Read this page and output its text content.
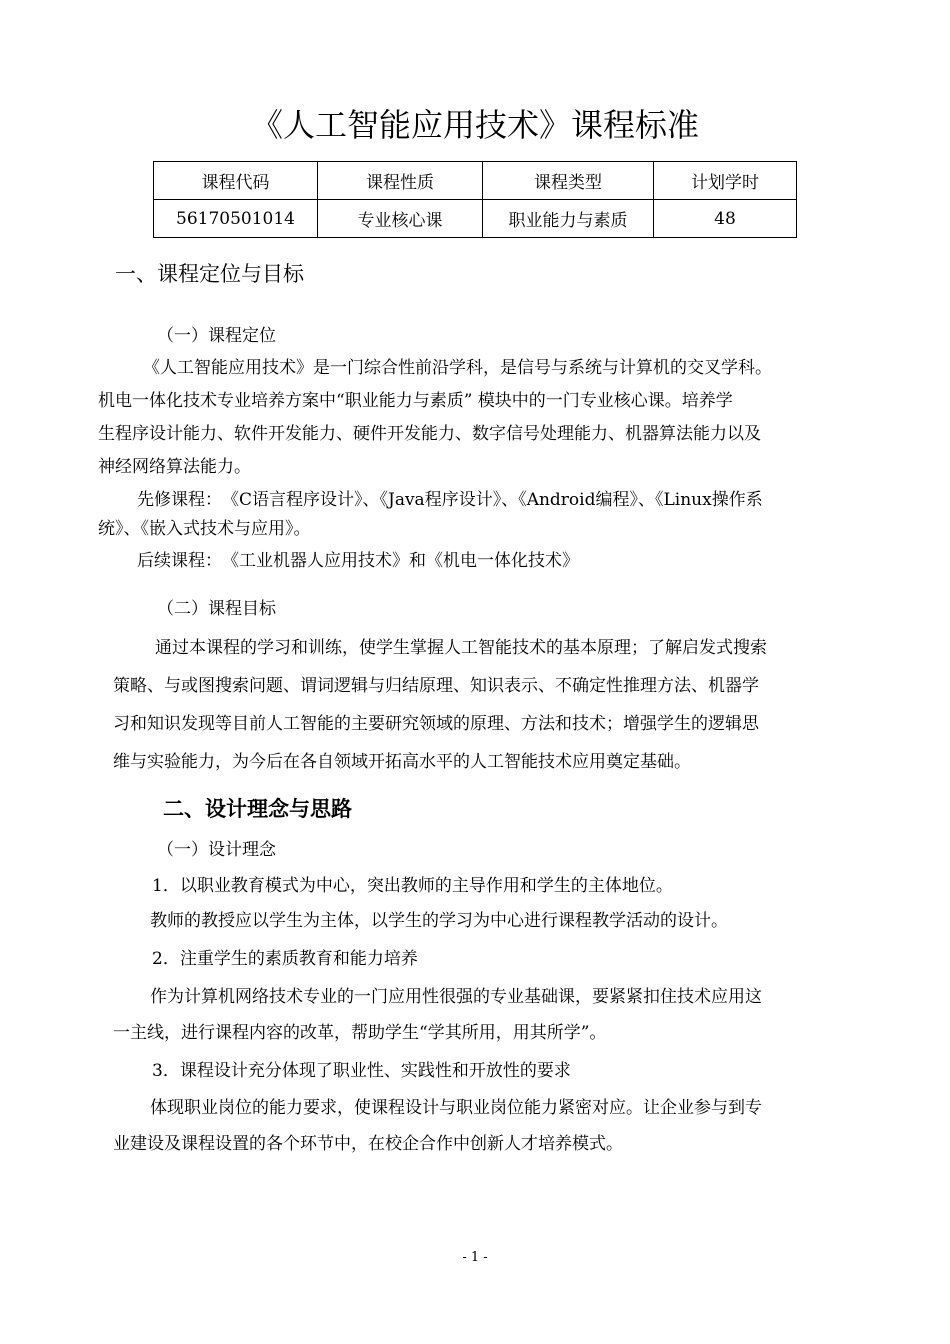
《人工智能应用技术》课程标准
课程代码	课程性质	课程类型	计划学时
56170501014	专业核心课	职业能力与素质	48
一、课程定位与目标
（一）课程定位
《人工智能应用技术》是一门综合性前沿学科，是信号与系统与计算机的交叉学科。
机电一体化技术专业培养方案中“职业能力与素质” 模块中的一门专业核心课。培养学
生程序设计能力、软件开发能力、硬件开发能力、数字信号处理能力、机器算法能力以及
神经网络算法能力。
先修课程：　《C语言程序设计》、《Java程序设计》、《Android编程》、《Linux操作系
统》、《嵌入式技术与应用》。
后续课程：　《工业机器人应用技术》和《机电一体化技术》
（二）课程目标
通过本课程的学习和训练，使学生掌握人工智能技术的基本原理；了解启发式搜索
策略、与或图搜索问题、谓词逻辑与归结原理、知识表示、不确定性推理方法、机器学
习和知识发现等目前人工智能的主要研究领域的原理、方法和技术；增强学生的逻辑思
维与实验能力，为今后在各自领域开拓高水平的人工智能技术应用奠定基础。
二、设计理念与思路
（一）设计理念
1．以职业教育模式为中心，突出教师的主导作用和学生的主体地位。
教师的教授应以学生为主体，以学生的学习为中心进行课程教学活动的设计。
2．注重学生的素质教育和能力培养
作为计算机网络技术专业的一门应用性很强的专业基础课，要紧紧扣住技术应用这
一主线，进行课程内容的改革，帮助学生“学其所用，用其所学”。
3．课程设计充分体现了职业性、实践性和开放性的要求
体现职业岗位的能力要求，使课程设计与职业岗位能力紧密对应。让企业参与到专
业建设及课程设置的各个环节中，在校企合作中创新人才培养模式。
- 1 -
